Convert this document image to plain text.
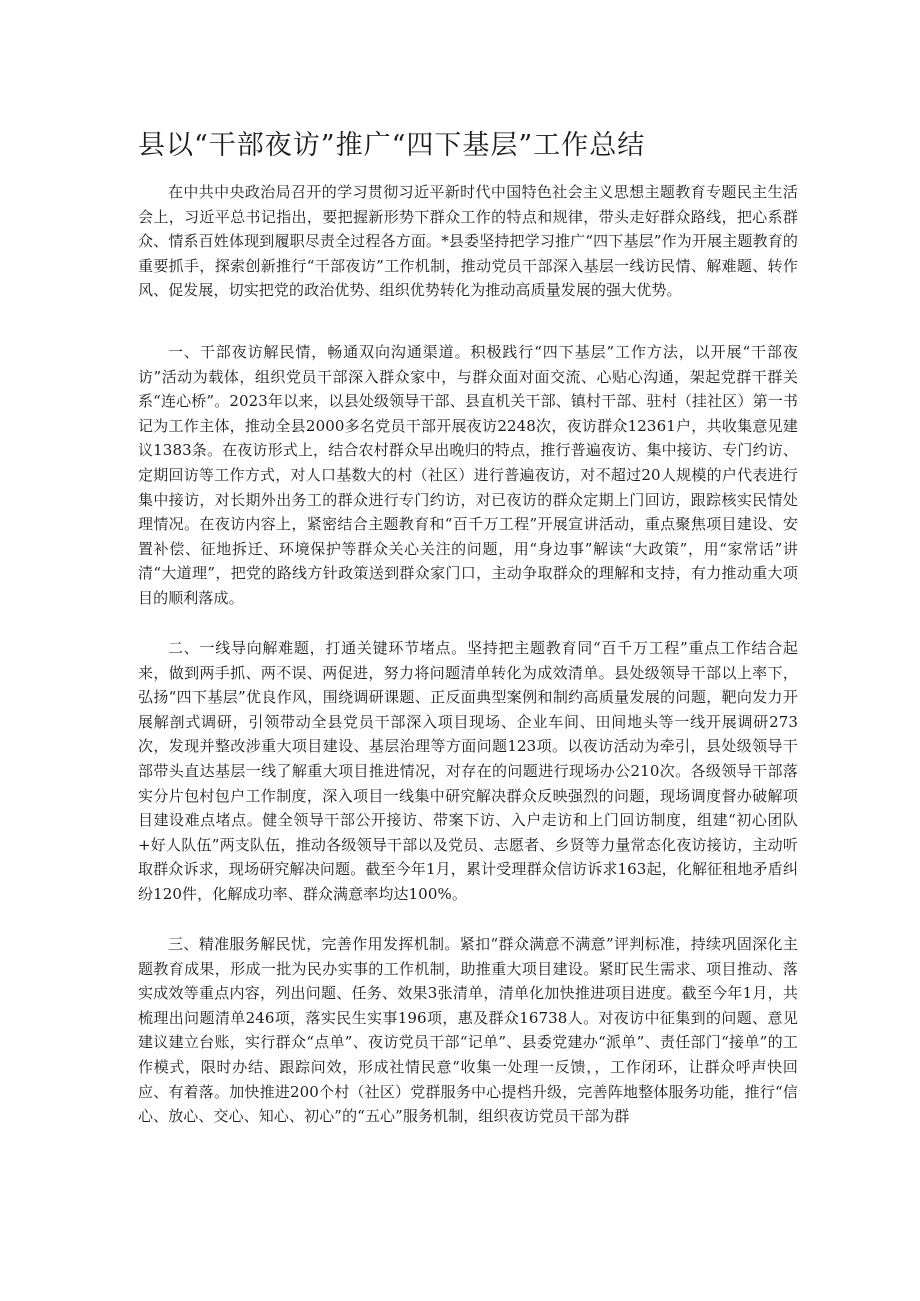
县以“干部夜访”推广“四下基层”工作总结

在中共中央政治局召开的学习贯彻习近平新时代中国特色社会主义思想主题教育专题民主生活会上，习近平总书记指出，要把握新形势下群众工作的特点和规律，带头走好群众路线，把心系群众、情系百姓体现到履职尽责全过程各方面。*县委坚持把学习推广“四下基层”作为开展主题教育的重要抓手，探索创新推行“干部夜访”工作机制，推动党员干部深入基层一线访民情、解难题、转作风、促发展，切实把党的政治优势、组织优势转化为推动高质量发展的强大优势。

一、干部夜访解民情，畅通双向沟通渠道。积极践行“四下基层”工作方法，以开展“干部夜访”活动为载体，组织党员干部深入群众家中，与群众面对面交流、心贴心沟通，架起党群干群关系“连心桥”。2023年以来，以县处级领导干部、县直机关干部、镇村干部、驻村（挂社区）第一书记为工作主体，推动全县2000多名党员干部开展夜访2248次，夜访群众12361户，共收集意见建议1383条。在夜访形式上，结合农村群众早出晚归的特点，推行普遍夜访、集中接访、专门约访、定期回访等工作方式，对人口基数大的村（社区）进行普遍夜访，对不超过20人规模的户代表进行集中接访，对长期外出务工的群众进行专门约访，对已夜访的群众定期上门回访，跟踪核实民情处理情况。在夜访内容上，紧密结合主题教育和“百千万工程”开展宣讲活动，重点聚焦项目建设、安置补偿、征地拆迁、环境保护等群众关心关注的问题，用“身边事”解读“大政策”，用“家常话”讲清“大道理”，把党的路线方针政策送到群众家门口，主动争取群众的理解和支持，有力推动重大项目的顺利落成。

二、一线导向解难题，打通关键环节堵点。坚持把主题教育同“百千万工程”重点工作结合起来，做到两手抓、两不误、两促进，努力将问题清单转化为成效清单。县处级领导干部以上率下，弘扬“四下基层”优良作风，围绕调研课题、正反面典型案例和制约高质量发展的问题，靶向发力开展解剖式调研，引领带动全县党员干部深入项目现场、企业车间、田间地头等一线开展调研273次，发现并整改涉重大项目建设、基层治理等方面问题123项。以夜访活动为牵引，县处级领导干部带头直达基层一线了解重大项目推进情况，对存在的问题进行现场办公210次。各级领导干部落实分片包村包户工作制度，深入项目一线集中研究解决群众反映强烈的问题，现场调度督办破解项目建设难点堵点。健全领导干部公开接访、带案下访、入户走访和上门回访制度，组建“初心团队+好人队伍”两支队伍，推动各级领导干部以及党员、志愿者、乡贤等力量常态化夜访接访，主动听取群众诉求，现场研究解决问题。截至今年1月，累计受理群众信访诉求163起，化解征租地矛盾纠纷120件，化解成功率、群众满意率均达100%。

三、精准服务解民忧，完善作用发挥机制。紧扣“群众满意不满意”评判标准，持续巩固深化主题教育成果，形成一批为民办实事的工作机制，助推重大项目建设。紧盯民生需求、项目推动、落实成效等重点内容，列出问题、任务、效果3张清单，清单化加快推进项目进度。截至今年1月，共梳理出问题清单246项，落实民生实事196项，惠及群众16738人。对夜访中征集到的问题、意见建议建立台账，实行群众“点单”、夜访党员干部“记单”、县委党建办“派单”、责任部门“接单”的工作模式，限时办结、跟踪问效，形成社情民意“收集一处理一反馈，，工作闭环，让群众呼声快回应、有着落。加快推进200个村（社区）党群服务中心提档升级，完善阵地整体服务功能，推行“信心、放心、交心、知心、初心”的“五心”服务机制，组织夜访党员干部为群
